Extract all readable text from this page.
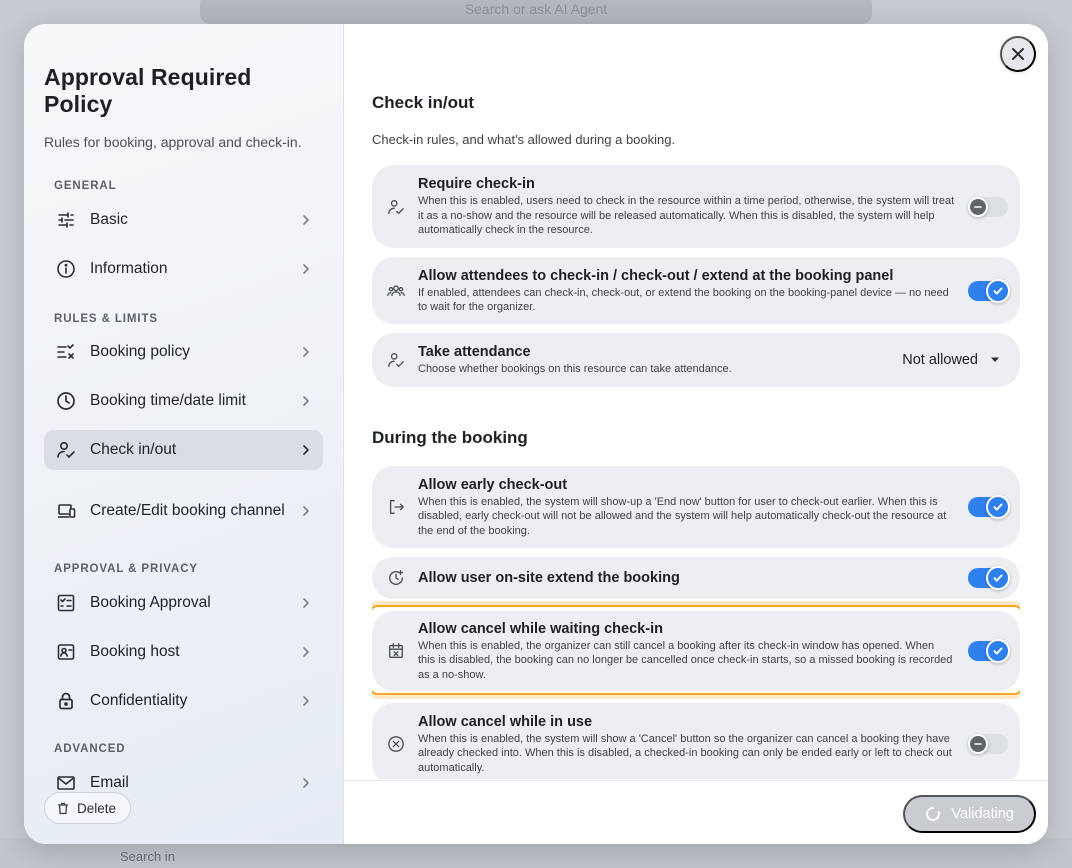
Search or ask AI Agent
Search in
Approval Required Policy

Rules for booking, approval and check-in.

GENERAL
Basic
Information
RULES & LIMITS
Booking policy
Booking time/date limit
Check in/out
Create/Edit booking channel
APPROVAL & PRIVACY
Booking Approval
Booking host
Confidentiality
ADVANCED
Email
Delete
Check in/out

Check-in rules, and what's allowed during a booking.

Require check-in
When this is enabled, users need to check in the resource within a time period, otherwise, the system will treat it as a no-show and the resource will be released automatically. When this is disabled, the system will help automatically check in the resource.
Allow attendees to check-in / check-out / extend at the booking panel
If enabled, attendees can check-in, check-out, or extend the booking on the booking-panel device — no need to wait for the organizer.
Take attendance
Choose whether bookings on this resource can take attendance.
Not allowed
During the booking
Allow early check-out
When this is enabled, the system will show-up a 'End now' button for user to check-out earlier. When this is disabled, early check-out will not be allowed and the system will help automatically check-out the resource at the end of the booking.
Allow user on-site extend the booking
Allow cancel while waiting check-in
When this is enabled, the organizer can still cancel a booking after its check-in window has opened. When this is disabled, the booking can no longer be cancelled once check-in starts, so a missed booking is recorded as a no-show.
Allow cancel while in use
When this is enabled, the system will show a 'Cancel' button so the organizer can cancel a booking they have already checked into. When this is disabled, a checked-in booking can only be ended early or left to check out automatically.
Validating
